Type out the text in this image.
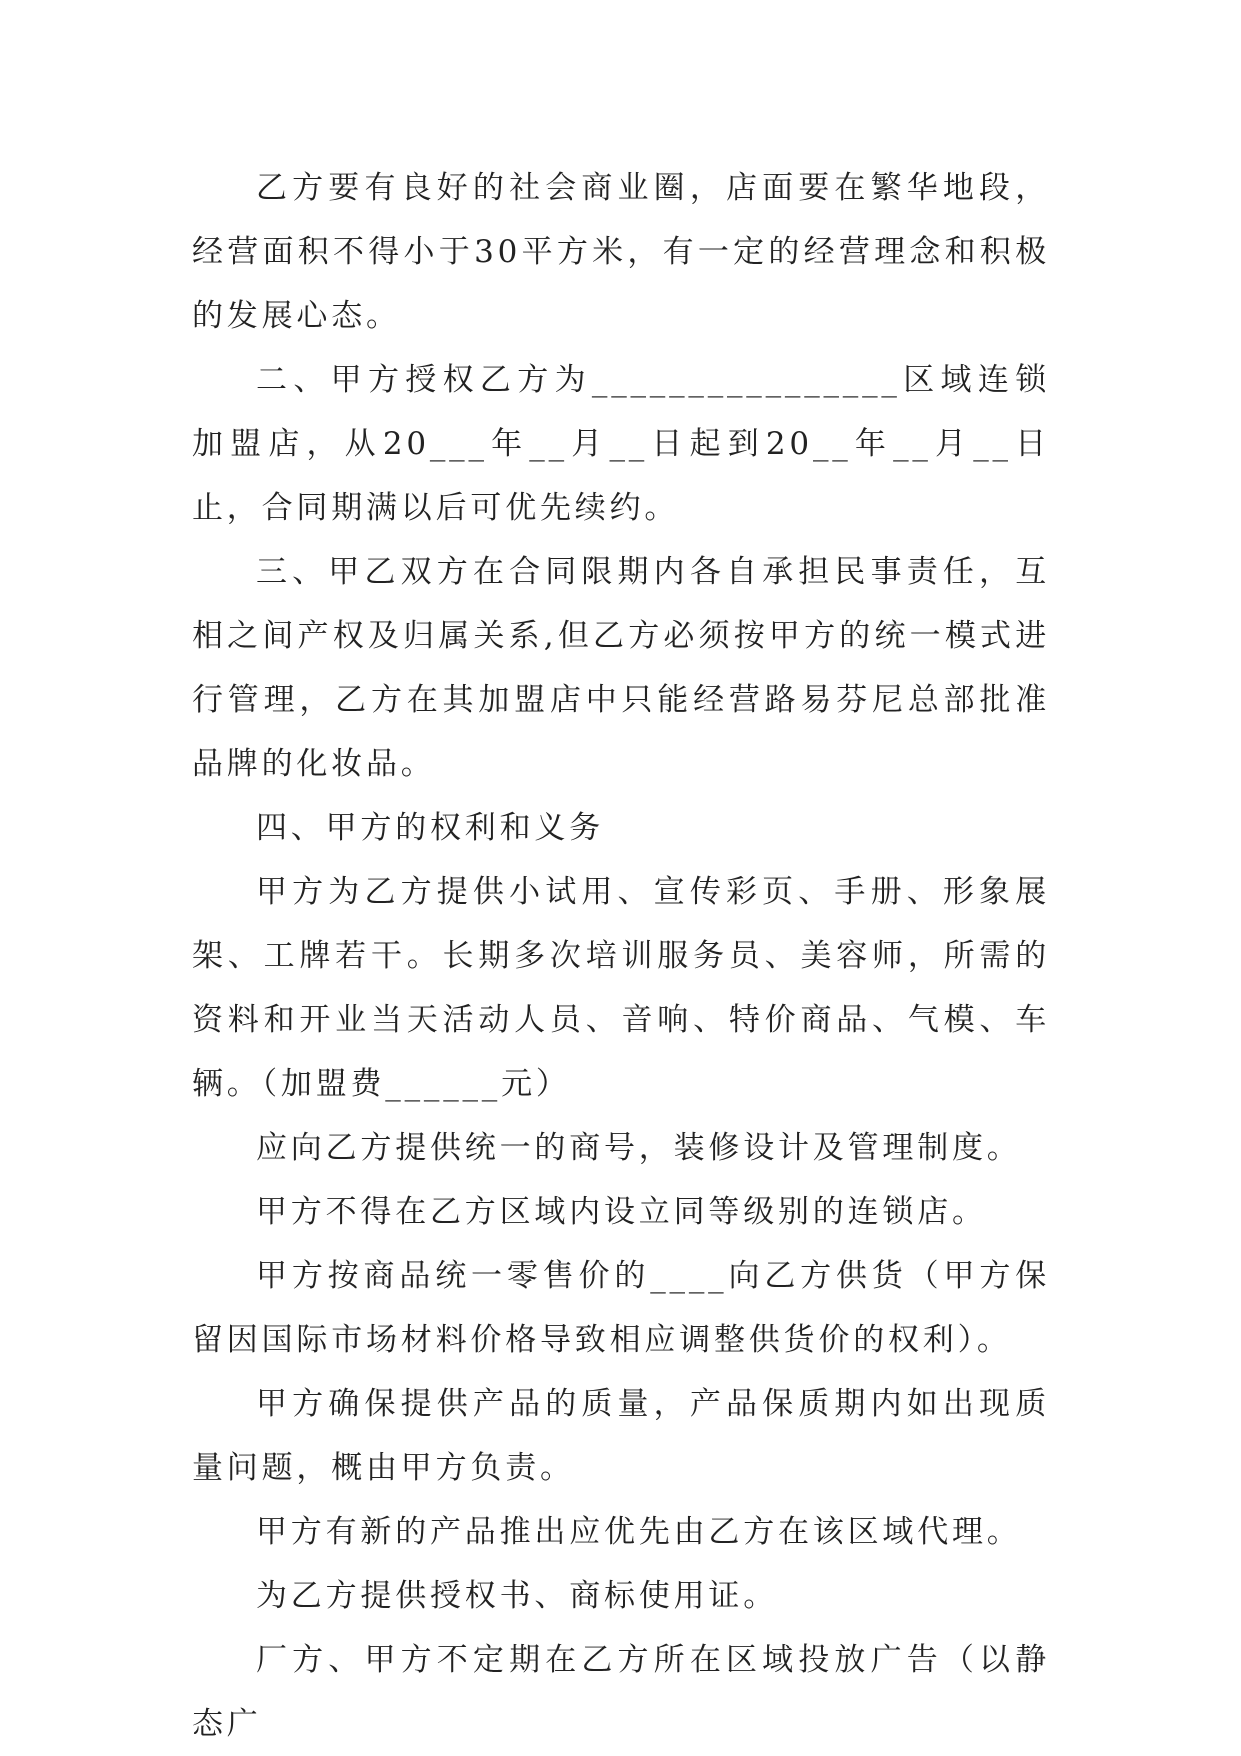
乙方要有良好的社会商业圈，店面要在繁华地段，经营面积不得小于30平方米，有一定的经营理念和积极的发展心态。

二、甲方授权乙方为________________区域连锁加盟店，从20___年__月__日起到20__年__月__日止，合同期满以后可优先续约。

三、甲乙双方在合同限期内各自承担民事责任，互相之间产权及归属关系,但乙方必须按甲方的统一模式进行管理，乙方在其加盟店中只能经营路易芬尼总部批准品牌的化妆品。

四、甲方的权利和义务

甲方为乙方提供小试用、宣传彩页、手册、形象展架、工牌若干。长期多次培训服务员、美容师，所需的资料和开业当天活动人员、音响、特价商品、气模、车辆。（加盟费______元）

应向乙方提供统一的商号，装修设计及管理制度。

甲方不得在乙方区域内设立同等级别的连锁店。

甲方按商品统一零售价的____向乙方供货（甲方保留因国际市场材料价格导致相应调整供货价的权利）。

甲方确保提供产品的质量，产品保质期内如出现质量问题，概由甲方负责。

甲方有新的产品推出应优先由乙方在该区域代理。

为乙方提供授权书、商标使用证。

厂方、甲方不定期在乙方所在区域投放广告（以静态广
